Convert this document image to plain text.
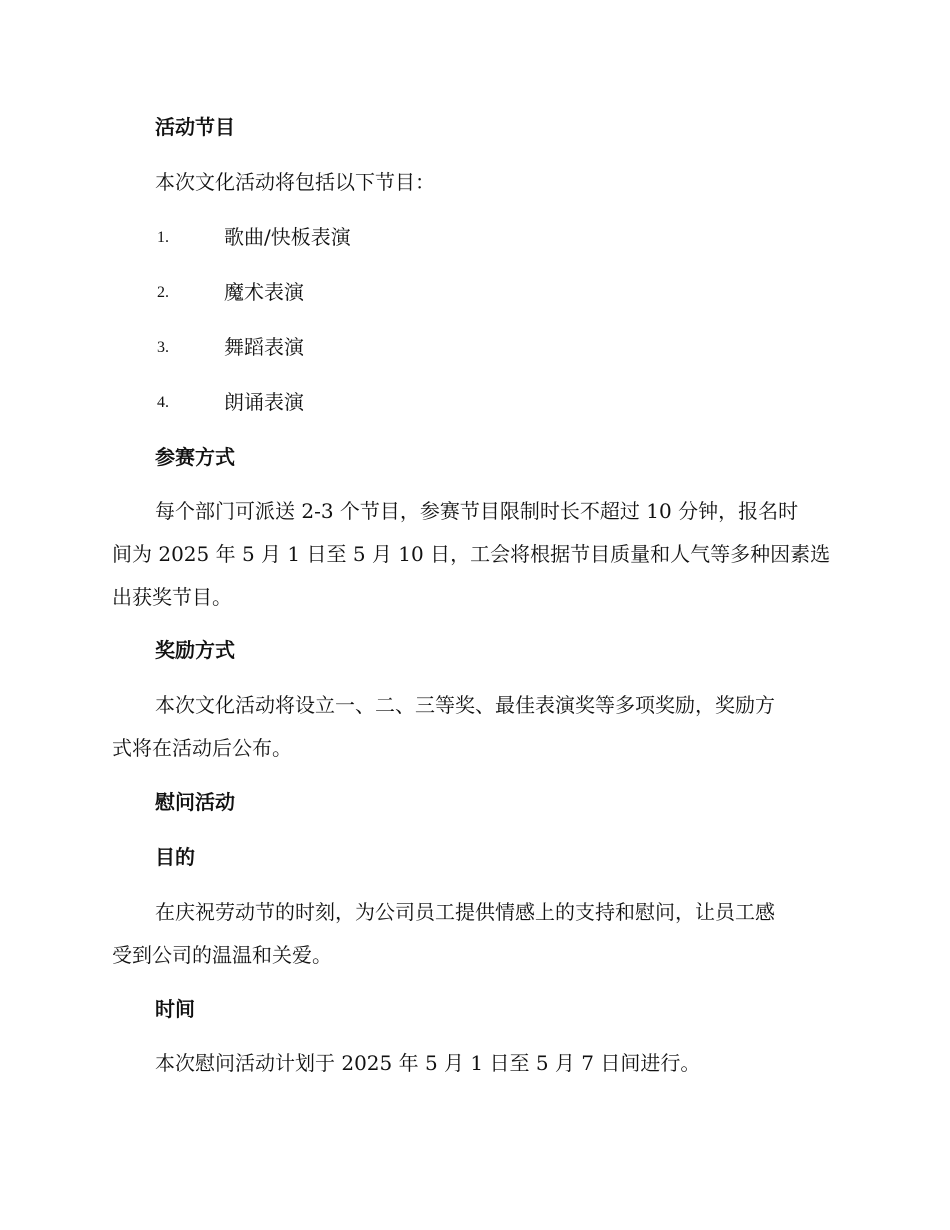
活动节目

本次文化活动将包括以下节目：

1.	歌曲/快板表演
2.	魔术表演
3.	舞蹈表演
4.	朗诵表演

参赛方式

每个部门可派送 2-3 个节目，参赛节目限制时长不超过 10 分钟，报名时

间为 2025 年 5 月 1 日至 5 月 10 日，工会将根据节目质量和人气等多种因素选

出获奖节目。

奖励方式

本次文化活动将设立一、二、三等奖、最佳表演奖等多项奖励，奖励方

式将在活动后公布。

慰问活动

目的

在庆祝劳动节的时刻，为公司员工提供情感上的支持和慰问，让员工感

受到公司的温温和关爱。

时间

本次慰问活动计划于 2025 年 5 月 1 日至 5 月 7 日间进行。
